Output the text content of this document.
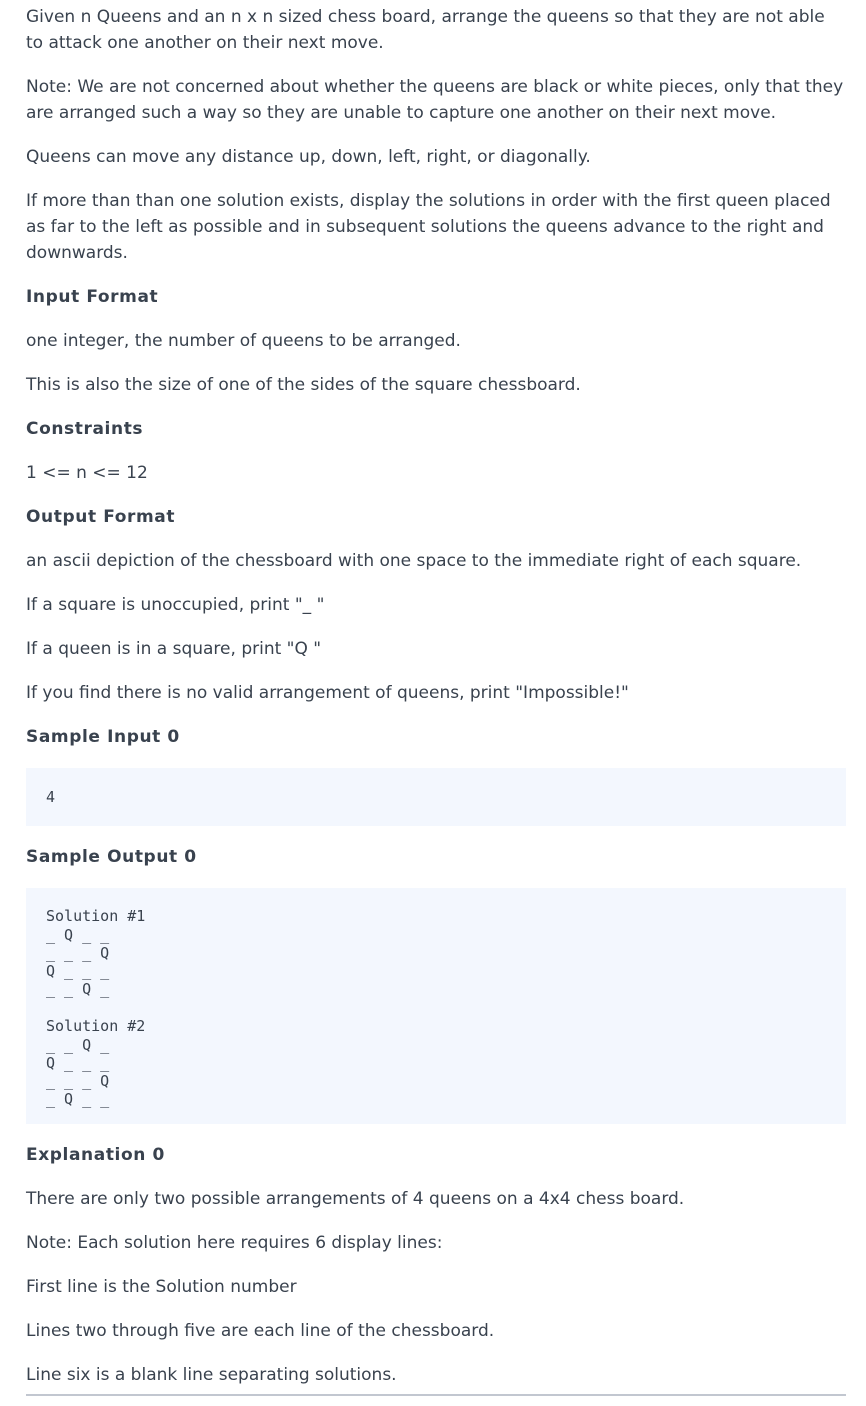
Given n Queens and an n x n sized chess board, arrange the queens so that they are not able to attack one another on their next move.

Note: We are not concerned about whether the queens are black or white pieces, only that they are arranged such a way so they are unable to capture one another on their next move.

Queens can move any distance up, down, left, right, or diagonally.

If more than than one solution exists, display the solutions in order with the first queen placed as far to the left as possible and in subsequent solutions the queens advance to the right and downwards.

Input Format

one integer, the number of queens to be arranged.

This is also the size of one of the sides of the square chessboard.

Constraints

1 <= n <= 12

Output Format

an ascii depiction of the chessboard with one space to the immediate right of each square.

If a square is unoccupied, print "_ "

If a queen is in a square, print "Q "

If you find there is no valid arrangement of queens, print "Impossible!"

Sample Input 0
4
Sample Output 0
Solution #1
_ Q _ _
_ _ _ Q
Q _ _ _
_ _ Q _
Solution #2
_ _ Q _
Q _ _ _
_ _ _ Q
_ Q _ _
Explanation 0

There are only two possible arrangements of 4 queens on a 4x4 chess board.

Note: Each solution here requires 6 display lines:

First line is the Solution number

Lines two through five are each line of the chessboard.

Line six is a blank line separating solutions.
